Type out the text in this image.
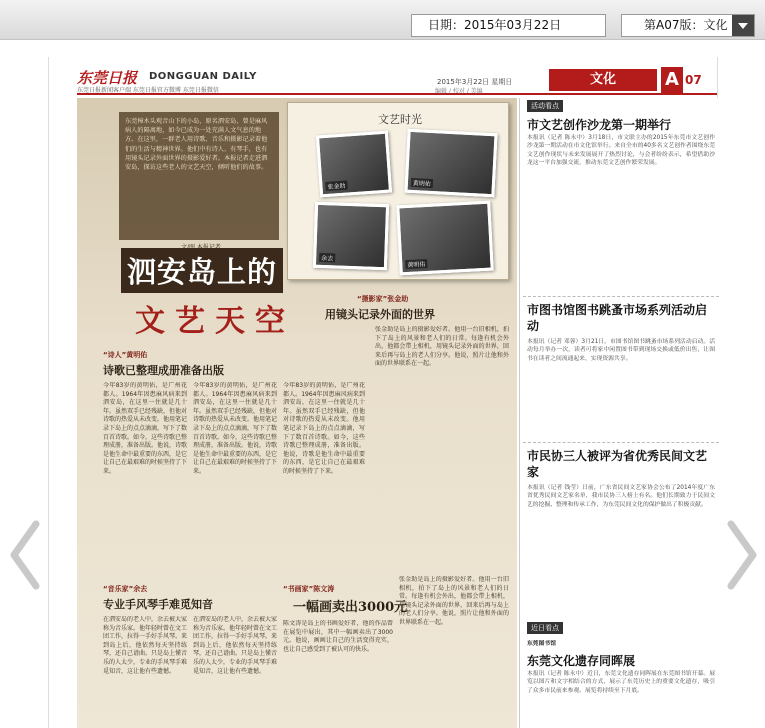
日期：2015年03月22日	第A07版：文化
东莞日报 DONGGUAN DAILY
东莞日报新闻客户端 东莞日报官方微博 东莞日报微信
2015年3月22日 星期日
编辑 / 校对 / 美编
文化	A 07
东莞樟木头观音山下的小岛，原名泗安岛，曾是麻风病人的隔离地，如今已成为一处充满人文气息的地方。在这里，一群老人用诗歌、音乐和摄影记录着他们的生活与精神世界。他们中有诗人、有琴手，也有用镜头记录外面世界的摄影爱好者。本报记者走进泗安岛，探访这些老人的文艺天空，倾听他们的故事。
文艺时光
张金助	黄明佑
余去
黄明佑
泗安岛上的
文艺天空
“诗人”黄明佑
诗歌已整理成册准备出版
今年83岁的黄明佑，是广州花都人。1964年因患麻风病来到泗安岛，在这里一住就是几十年。虽然双手已经残缺，但他对诗歌的热爱从未改变。他用笔记录下岛上的点点滴滴，写下了数百首诗歌。如今，这些诗歌已整理成册，准备出版。他说，诗歌是他生命中最重要的东西，是它让自己在最艰难的时候坚持了下来。
今年83岁的黄明佑，是广州花都人。1964年因患麻风病来到泗安岛，在这里一住就是几十年。虽然双手已经残缺，但他对诗歌的热爱从未改变。他用笔记录下岛上的点点滴滴，写下了数百首诗歌。如今，这些诗歌已整理成册，准备出版。他说，诗歌是他生命中最重要的东西，是它让自己在最艰难的时候坚持了下来。
“音乐家”余去
专业手风琴手难觅知音
在泗安岛的老人中，余去被大家称为音乐家。他年轻时曾在文工团工作，拉得一手好手风琴。来到岛上后，他依然每天坚持练琴，还自己谱曲。只是岛上懂音乐的人太少，专业的手风琴手难觅知音，这让他有些遗憾。
在泗安岛的老人中，余去被大家称为音乐家。他年轻时曾在文工团工作，拉得一手好手风琴。来到岛上后，他依然每天坚持练琴，还自己谱曲。只是岛上懂音乐的人太少，专业的手风琴手难觅知音，这让他有些遗憾。
今年83岁的黄明佑，是广州花都人。1964年因患麻风病来到泗安岛，在这里一住就是几十年。虽然双手已经残缺，但他对诗歌的热爱从未改变。他用笔记录下岛上的点点滴滴，写下了数百首诗歌。如今，这些诗歌已整理成册，准备出版。他说，诗歌是他生命中最重要的东西，是它让自己在最艰难的时候坚持了下来。
“摄影家”张金助
用镜头记录外面的世界
张金助是岛上的摄影爱好者。他用一台旧相机，拍下了岛上的风景和老人们的日常。每逢有机会外出，他都会带上相机，用镜头记录外面的世界，回来后再与岛上的老人们分享。他说，照片让他和外面的世界联系在一起。
“书画家”陈文涛
一幅画卖出3000元
陈文涛是岛上的书画爱好者，他的作品曾在展览中展出，其中一幅画卖出了3000元。他说，画画让自己的生活变得充实，也让自己感受到了被认可的快乐。
张金助是岛上的摄影爱好者。他用一台旧相机，拍下了岛上的风景和老人们的日常。每逢有机会外出，他都会带上相机，用镜头记录外面的世界，回来后再与岛上的老人们分享。他说，照片让他和外面的世界联系在一起。
活动看点
市文艺创作沙龙第一期举行
本报讯（记者 陈永中）3月18日，市文联主办的2015年东莞市文艺创作沙龙第一期活动在市文化馆举行。来自全市的40多名文艺创作者围绕东莞文艺创作现状与未来发展展开了热烈讨论，与会者纷纷表示，希望借助沙龙这一平台加强交流，推动东莞文艺创作繁荣发展。
市图书馆图书跳蚤市场系列活动启动
本报讯（记者 邓蓉）3月21日，市图书馆图书跳蚤市场系列活动启动。活动每月举办一次，读者可将家中闲置图书带到现场交换或低价出售，让图书在读者之间流通起来，实现资源共享。
市民协三人被评为省优秀民间文艺家
本报讯（记者 钱莹）日前，广东省民间文艺家协会公布了2014年度广东省优秀民间文艺家名单，我市民协三人榜上有名。他们长期致力于民间文艺的挖掘、整理和传承工作，为东莞民间文化的保护做出了积极贡献。
近日看点
东莞图书馆
东莞文化遗存同晖展
本报讯（记者 陈永中）近日，东莞文化遗存同晖展在东莞图书馆开幕。展览以图片和文字相结合的方式，展示了东莞历史上的重要文化遗存，吸引了众多市民前来参观。展览将持续至下月底。
